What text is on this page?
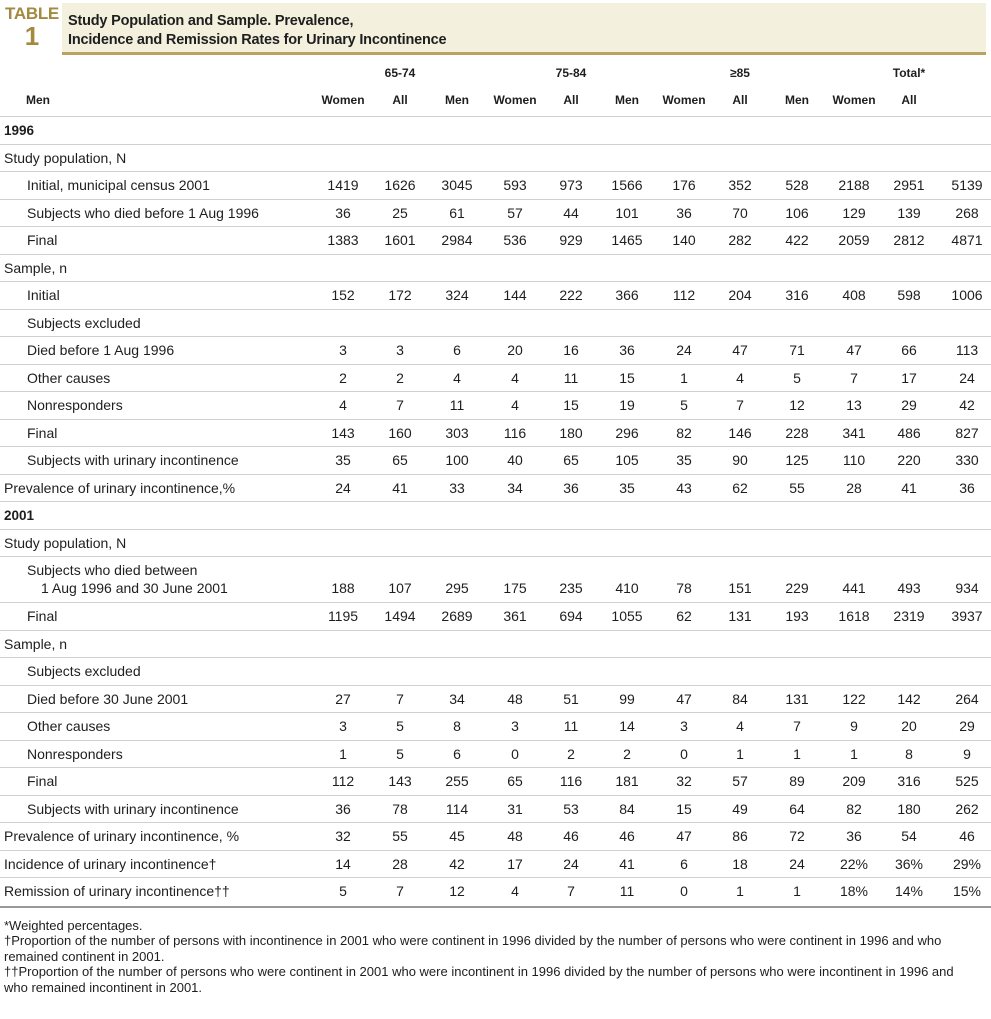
TABLE
1	Study Population and Sample. Prevalence,
Incidence and Remission Rates for Urinary Incontinence
65-74	75-84	≥85	Total*
Men	Women	All	Men	Women	All	Men	Women	All	Men	Women	All
1996
Study population, N
Initial, municipal census 2001	1419	1626	3045	593	973	1566	176	352	528	2188	2951	5139
Subjects who died before 1 Aug 1996	36	25	61	57	44	101	36	70	106	129	139	268
Final	1383	1601	2984	536	929	1465	140	282	422	2059	2812	4871
Sample, n
Initial	152	172	324	144	222	366	112	204	316	408	598	1006
Subjects excluded
Died before 1 Aug 1996	3	3	6	20	16	36	24	47	71	47	66	113
Other causes	2	2	4	4	11	15	1	4	5	7	17	24
Nonresponders	4	7	11	4	15	19	5	7	12	13	29	42
Final	143	160	303	116	180	296	82	146	228	341	486	827
Subjects with urinary incontinence	35	65	100	40	65	105	35	90	125	110	220	330
Prevalence of urinary incontinence,%	24	41	33	34	36	35	43	62	55	28	41	36
2001
Study population, N
Subjects who died between
1 Aug 1996 and 30 June 2001	188	107	295	175	235	410	78	151	229	441	493	934
Final	1195	1494	2689	361	694	1055	62	131	193	1618	2319	3937
Sample, n
Subjects excluded
Died before 30 June 2001	27	7	34	48	51	99	47	84	131	122	142	264
Other causes	3	5	8	3	11	14	3	4	7	9	20	29
Nonresponders	1	5	6	0	2	2	0	1	1	1	8	9
Final	112	143	255	65	116	181	32	57	89	209	316	525
Subjects with urinary incontinence	36	78	114	31	53	84	15	49	64	82	180	262
Prevalence of urinary incontinence, %	32	55	45	48	46	46	47	86	72	36	54	46
Incidence of urinary incontinence†	14	28	42	17	24	41	6	18	24	22%	36%	29%
Remission of urinary incontinence††	5	7	12	4	7	11	0	1	1	18%	14%	15%

*Weighted percentages.

†Proportion of the number of persons with incontinence in 2001 who were continent in 1996 divided by the number of persons who were continent in 1996 and who remained continent in 2001.

††Proportion of the number of persons who were continent in 2001 who were incontinent in 1996 divided by the number of persons who were incontinent in 1996 and who remained incontinent in 2001.
